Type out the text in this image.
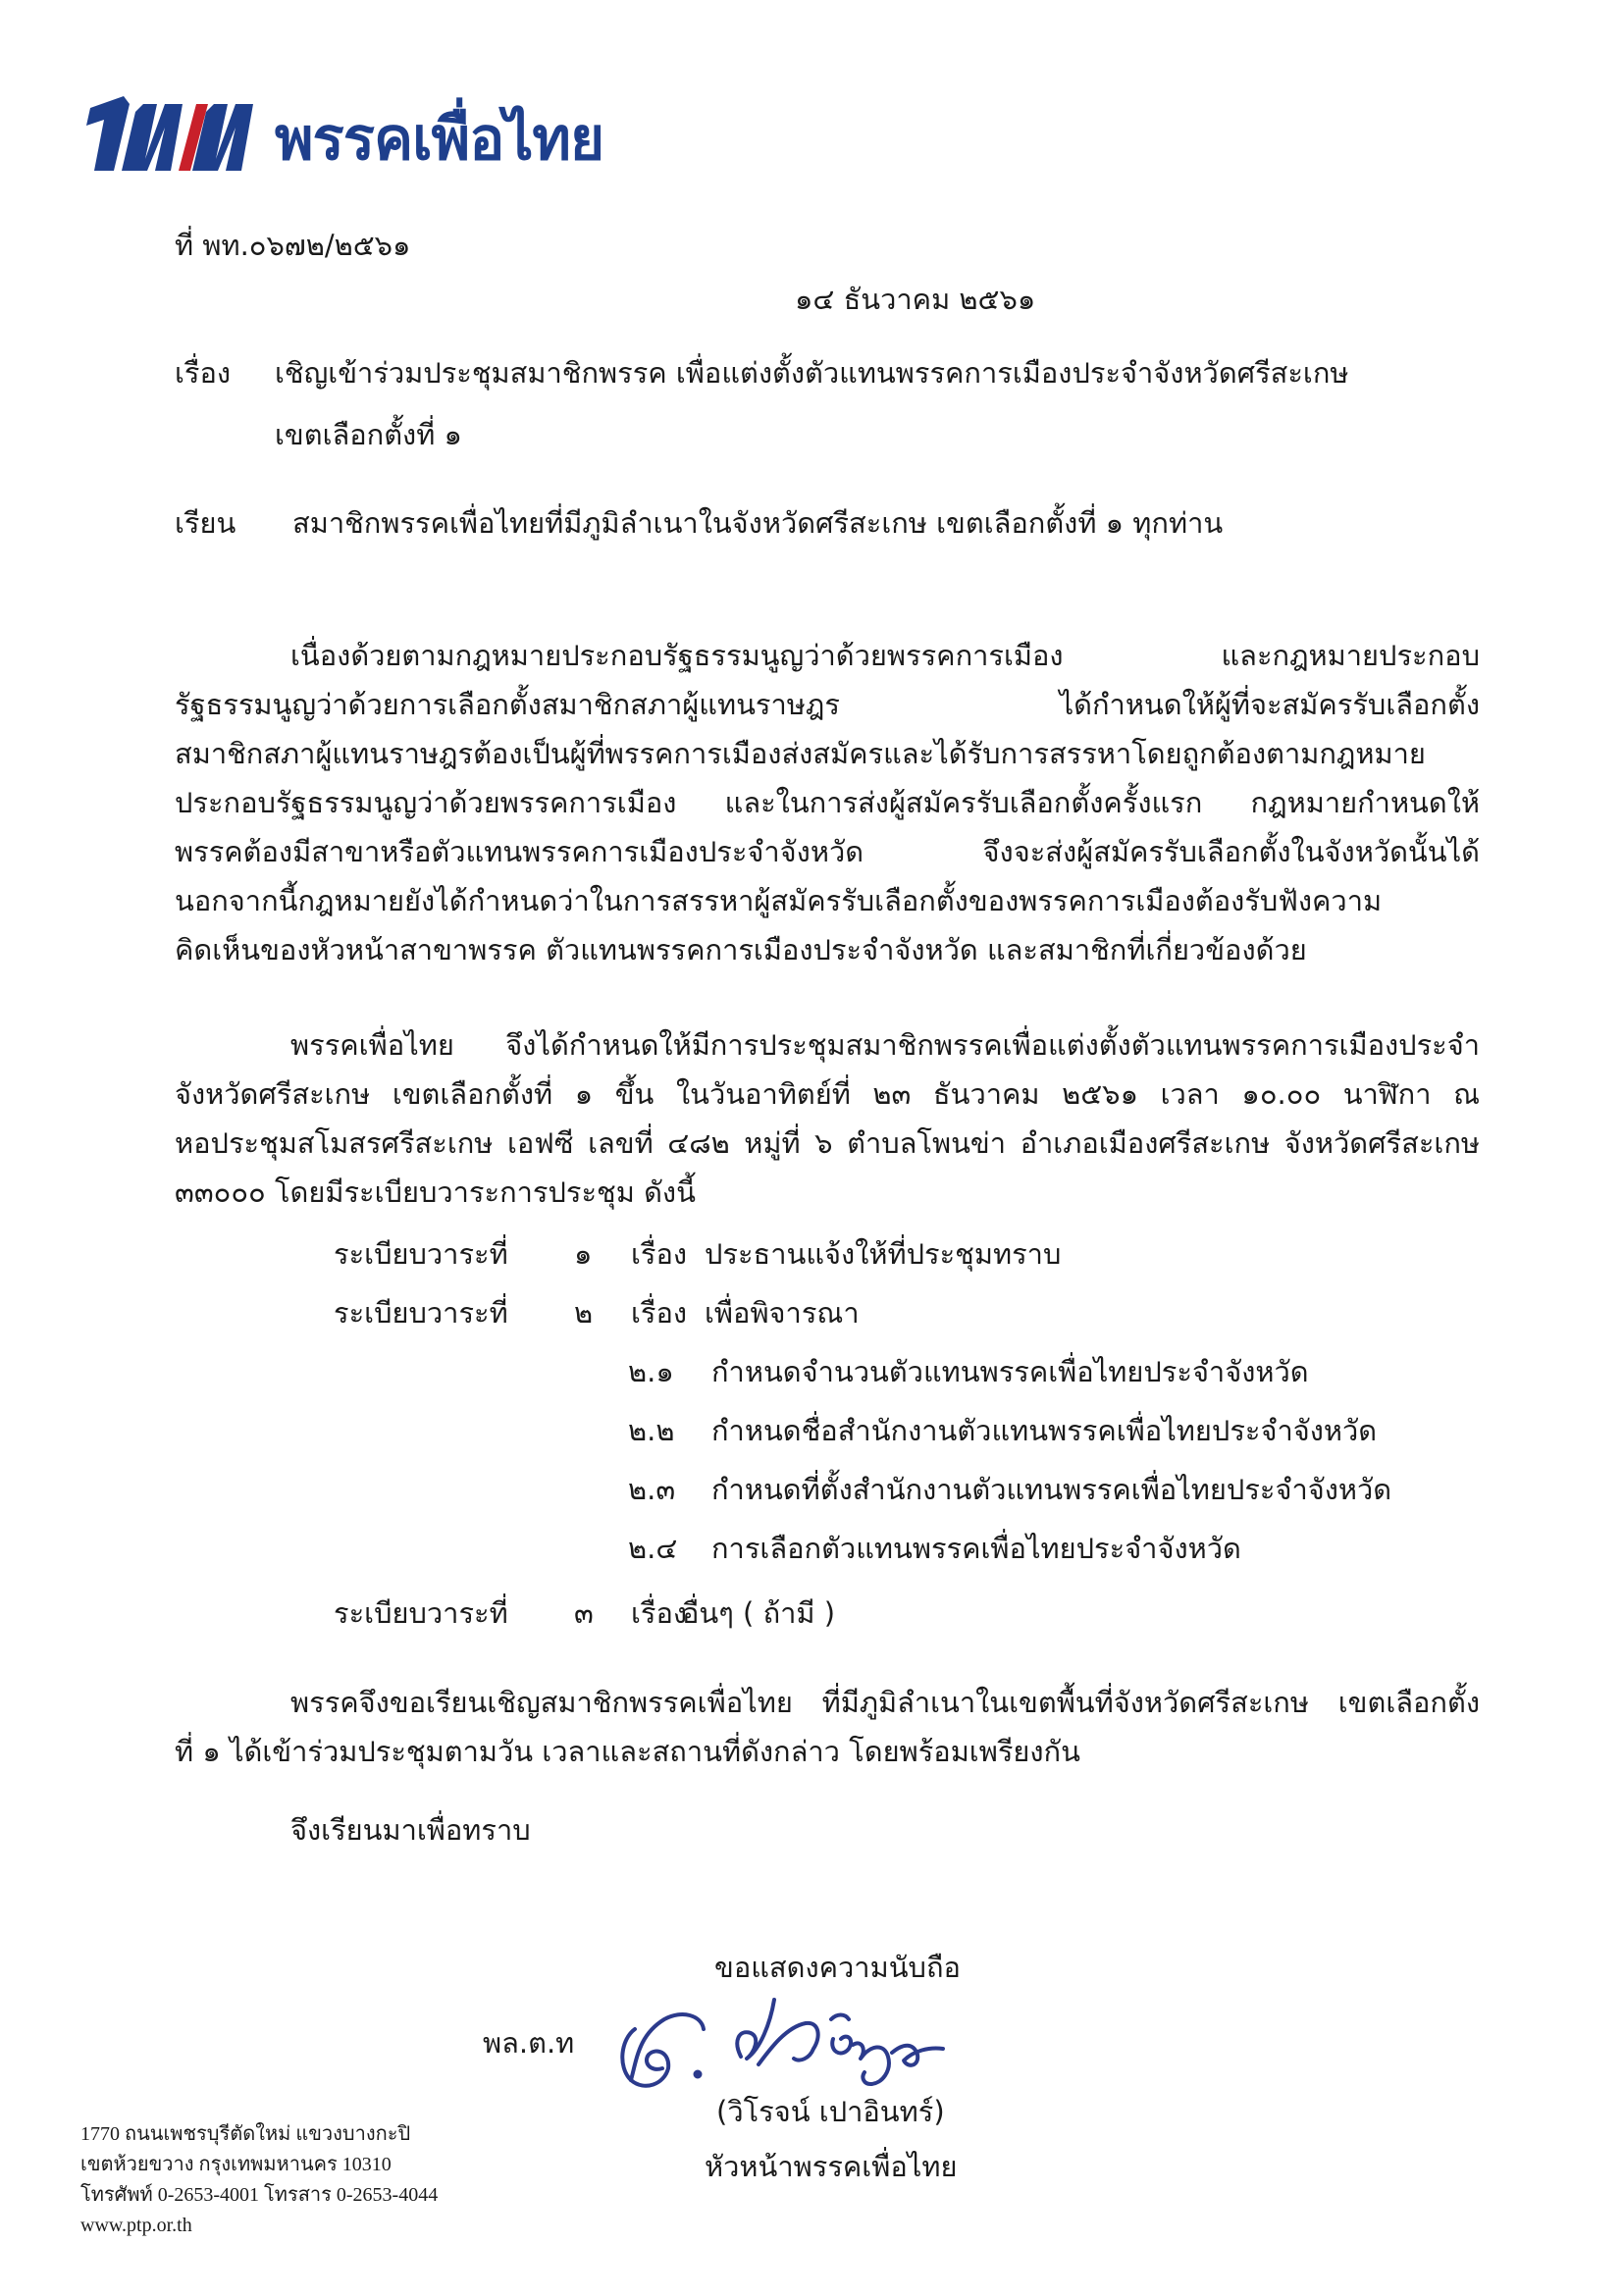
พรรคเพื่อไทย
ที่ พท.๐๖๗๒/๒๕๖๑
๑๔ ธันวาคม ๒๕๖๑
เรื่อง เชิญเข้าร่วมประชุมสมาชิกพรรค เพื่อแต่งตั้งตัวแทนพรรคการเมืองประจำจังหวัดศรีสะเกษ
เขตเลือกตั้งที่ ๑
เรียน สมาชิกพรรคเพื่อไทยที่มีภูมิลำเนาในจังหวัดศรีสะเกษ เขตเลือกตั้งที่ ๑ ทุกท่าน
เนื่องด้วยตามกฎหมายประกอบรัฐธรรมนูญว่าด้วยพรรคการเมือง และกฎหมายประกอบ
รัฐธรรมนูญว่าด้วยการเลือกตั้งสมาชิกสภาผู้แทนราษฎร ได้กำหนดให้ผู้ที่จะสมัครรับเลือกตั้ง
สมาชิกสภาผู้แทนราษฎรต้องเป็นผู้ที่พรรคการเมืองส่งสมัครและได้รับการสรรหาโดยถูกต้องตามกฎหมาย
ประกอบรัฐธรรมนูญว่าด้วยพรรคการเมือง และในการส่งผู้สมัครรับเลือกตั้งครั้งแรก กฎหมายกำหนดให้
พรรคต้องมีสาขาหรือตัวแทนพรรคการเมืองประจำจังหวัด จึงจะส่งผู้สมัครรับเลือกตั้งในจังหวัดนั้นได้
นอกจากนี้กฎหมายยังได้กำหนดว่าในการสรรหาผู้สมัครรับเลือกตั้งของพรรคการเมืองต้องรับฟังความ
คิดเห็นของหัวหน้าสาขาพรรค ตัวแทนพรรคการเมืองประจำจังหวัด และสมาชิกที่เกี่ยวข้องด้วย
พรรคเพื่อไทย จึงได้กำหนดให้มีการประชุมสมาชิกพรรคเพื่อแต่งตั้งตัวแทนพรรคการเมืองประจำ
จังหวัดศรีสะเกษ เขตเลือกตั้งที่ ๑ ขึ้น ในวันอาทิตย์ที่ ๒๓ ธันวาคม ๒๕๖๑ เวลา ๑๐.๐๐ นาฬิกา ณ
หอประชุมสโมสรศรีสะเกษ เอฟซี เลขที่ ๔๘๒ หมู่ที่ ๖ ตำบลโพนข่า อำเภอเมืองศรีสะเกษ จังหวัดศรีสะเกษ
๓๓๐๐๐ โดยมีระเบียบวาระการประชุม ดังนี้
ระเบียบวาระที่ ๑ เรื่อง ประธานแจ้งให้ที่ประชุมทราบ
ระเบียบวาระที่ ๒ เรื่อง เพื่อพิจารณา
๒.๑ กำหนดจำนวนตัวแทนพรรคเพื่อไทยประจำจังหวัด
๒.๒ กำหนดชื่อสำนักงานตัวแทนพรรคเพื่อไทยประจำจังหวัด
๒.๓ กำหนดที่ตั้งสำนักงานตัวแทนพรรคเพื่อไทยประจำจังหวัด
๒.๔ การเลือกตัวแทนพรรคเพื่อไทยประจำจังหวัด
ระเบียบวาระที่ ๓ เรื่อง
อื่นๆ ( ถ้ามี )
พรรคจึงขอเรียนเชิญสมาชิกพรรคเพื่อไทย ที่มีภูมิลำเนาในเขตพื้นที่จังหวัดศรีสะเกษ เขตเลือกตั้ง
ที่ ๑ ได้เข้าร่วมประชุมตามวัน เวลาและสถานที่ดังกล่าว โดยพร้อมเพรียงกัน
จึงเรียนมาเพื่อทราบ
ขอแสดงความนับถือ
พล.ต.ท
(วิโรจน์ เปาอินทร์)
หัวหน้าพรรคเพื่อไทย
1770 ถนนเพชรบุรีตัดใหม่ แขวงบางกะปิ
เขตห้วยขวาง กรุงเทพมหานคร 10310
โทรศัพท์ 0-2653-4001 โทรสาร 0-2653-4044
www.ptp.or.th
